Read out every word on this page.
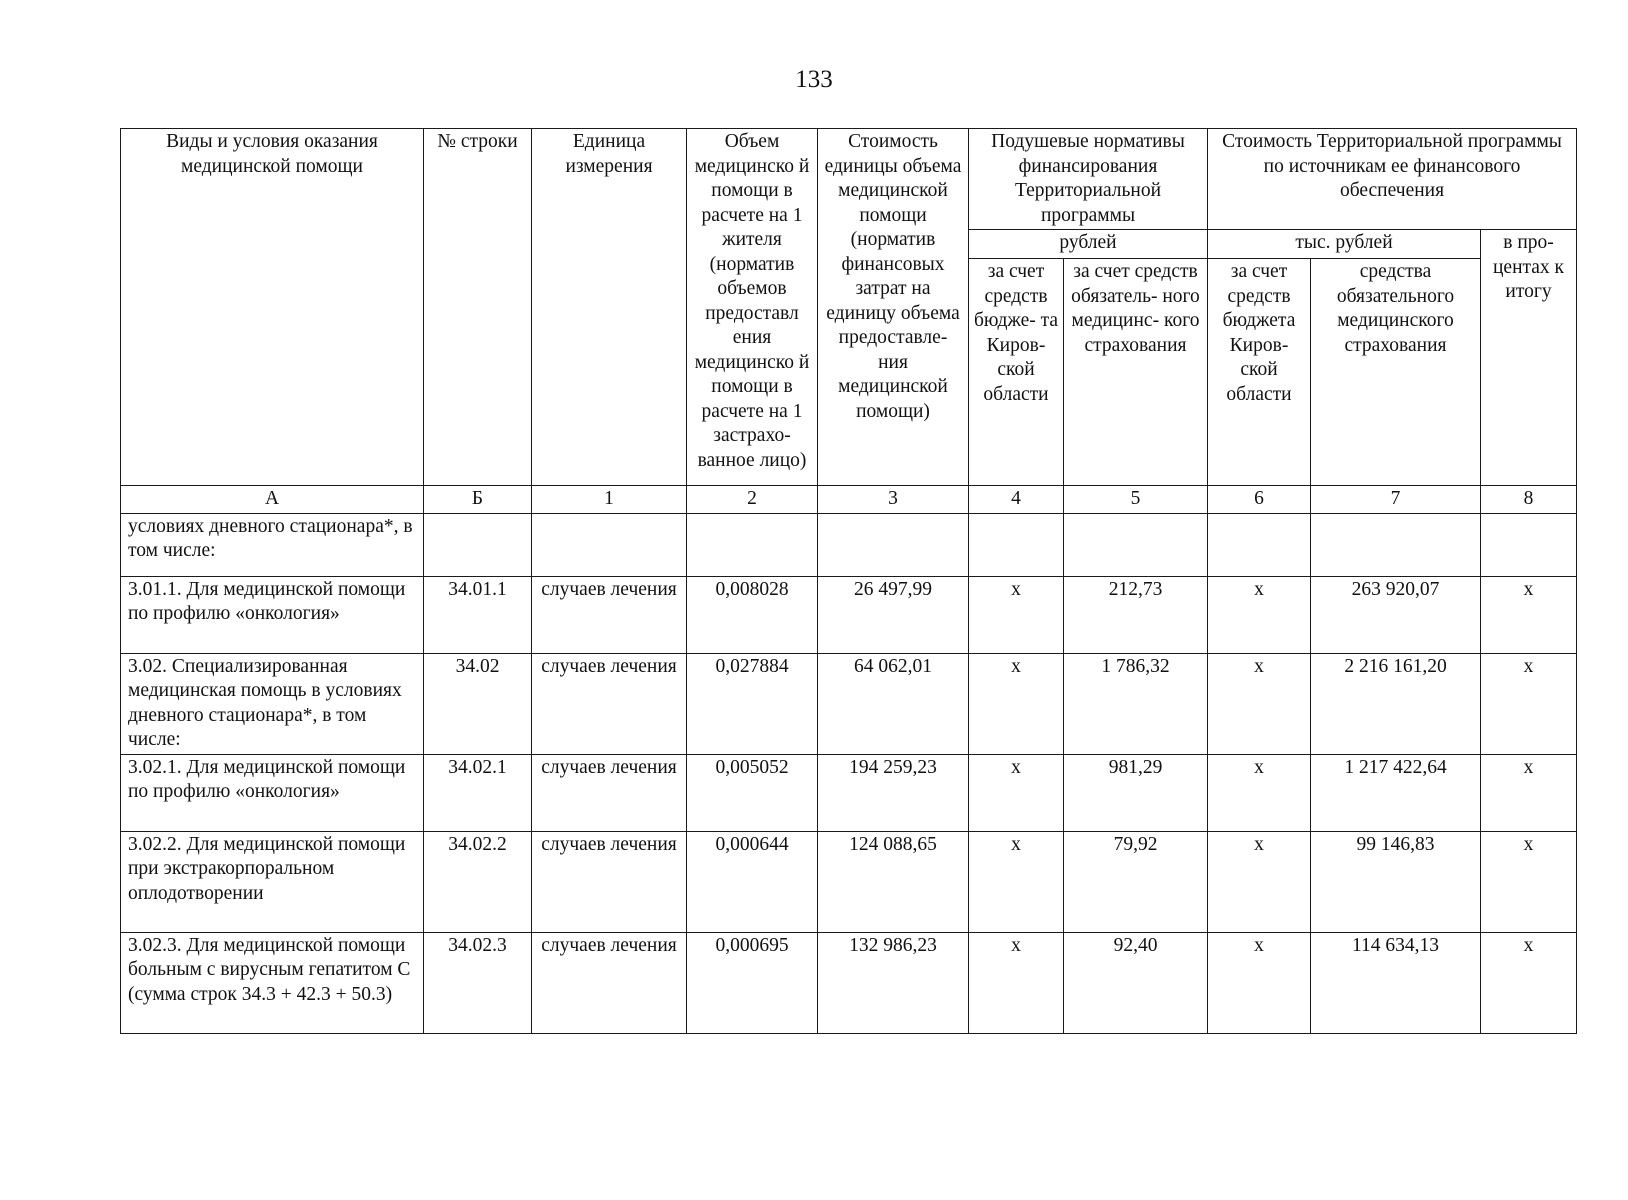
133
Виды и условия оказания медицинской помощи	№ строки	Единица измерения	Объем медицинско й помощи в расчете на 1 жителя (норматив объемов предоставл ения медицинско й помощи в расчете на 1 застрахо- ванное лицо)	Стоимость единицы объема медицинской помощи (норматив финансовых затрат на единицу объема предоставле- ния медицинской помощи)	Подушевые нормативы финансирования Территориальной программы		Стоимость Территориальной программы по источникам ее финансового обеспечения		
					рублей		тыс. рублей		в про- центах к итогу
					за счет средств бюдже- та Киров- ской области	за счет средств обязатель- ного медицинс- кого страхования	за счет средств бюджета Киров- ской области	средства обязательного медицинского страхования	
А	Б	1	2	3	4	5	6	7	8
условиях дневного стационара*, в том числе:									
3.01.1. Для медицинской помощи по профилю «онкология»	34.01.1	случаев лечения	0,008028	26 497,99	х	212,73	х	263 920,07	х
3.02. Специализированная медицинская помощь в условиях дневного стационара*, в том числе:	34.02	случаев лечения	0,027884	64 062,01	х	1 786,32	х	2 216 161,20	х
3.02.1. Для медицинской помощи по профилю «онкология»	34.02.1	случаев лечения	0,005052	194 259,23	х	981,29	х	1 217 422,64	х
3.02.2. Для медицинской помощи при экстракорпоральном оплодотворении	34.02.2	случаев лечения	0,000644	124 088,65	х	79,92	х	99 146,83	х
3.02.3. Для медицинской помощи больным с вирусным гепатитом С (сумма строк 34.3 + 42.3 + 50.3)	34.02.3	случаев лечения	0,000695	132 986,23	х	92,40	х	114 634,13	х
